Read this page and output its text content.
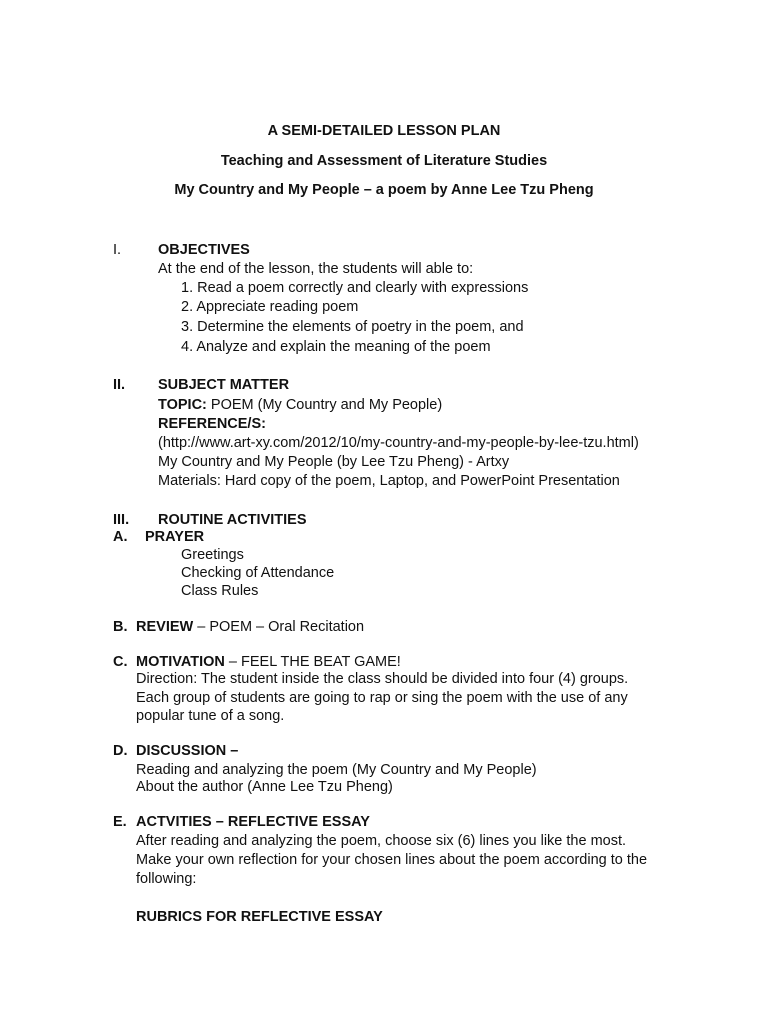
A SEMI-DETAILED LESSON PLAN
Teaching and Assessment of Literature Studies
My Country and My People – a poem by Anne Lee Tzu Pheng
I.	OBJECTIVES
At the end of the lesson, the students will able to:
1. Read a poem correctly and clearly with expressions
2. Appreciate reading poem
3. Determine the elements of poetry in the poem, and
4. Analyze and explain the meaning of the poem
II. SUBJECT MATTER
TOPIC: POEM (My Country and My People)
REFERENCE/S:
(http://www.art-xy.com/2012/10/my-country-and-my-people-by-lee-tzu.html)
My Country and My People (by Lee Tzu Pheng) - Artxy
Materials: Hard copy of the poem, Laptop, and PowerPoint Presentation
III. ROUTINE ACTIVITIES
A. PRAYER
Greetings
Checking of Attendance
Class Rules
B. REVIEW – POEM – Oral Recitation
C. MOTIVATION – FEEL THE BEAT GAME!
Direction: The student inside the class should be divided into four (4) groups.
Each group of students are going to rap or sing the poem with the use of any
popular tune of a song.
D. DISCUSSION –
Reading and analyzing the poem (My Country and My People)
About the author (Anne Lee Tzu Pheng)
E. ACTVITIES – REFLECTIVE ESSAY
After reading and analyzing the poem, choose six (6) lines you like the most.
Make your own reflection for your chosen lines about the poem according to the
following:
RUBRICS FOR REFLECTIVE ESSAY
